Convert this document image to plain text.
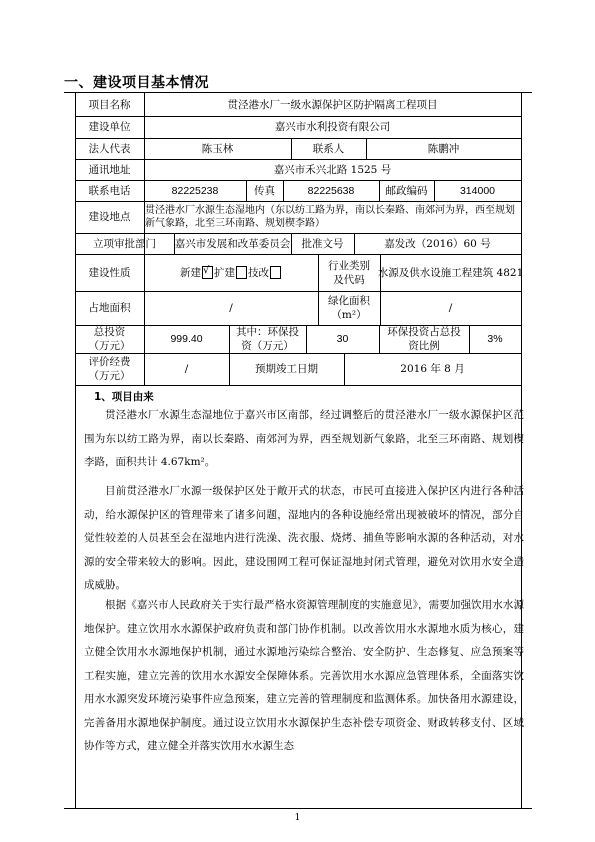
一、建设项目基本情况
项目名称	贯泾港水厂一级水源保护区防护隔离工程项目
建设单位	嘉兴市水利投资有限公司
法人代表	陈玉林	联系人	陈鹏冲
通讯地址	嘉兴市禾兴北路 1525 号
联系电话	82225238	传真	82225638	邮政编码	314000
建设地点
贯泾港水厂水源生态湿地内（东以纺工路为界，南以长秦路、南郊河为界，西至规划新气象路，北至三环南路、规划楔李路）
立项审批部门	嘉兴市发展和改革委员会	批准文号	嘉发改（2016）60 号
建设性质	新建
√ 扩建 技改
行业类别及代码
水源及供水设施工程建筑 4821
占地面积	/
绿化面积（m²）
/
总投资（万元）
999.40
其中：环保投资（万元）
30
环保投资占总投资比例
3%
评价经费（万元）
/	预期竣工日期	2016 年 8 月
1、项目由来
贯泾港水厂水源生态湿地位于嘉兴市区南部，经过调整后的贯泾港水厂一级水源保护区范围为东以纺工路为界，南以长秦路、南郊河为界，西至规划新气象路，北至三环南路、规划楔李路，面积共计 4.67km²。
目前贯泾港水厂水源一级保护区处于敞开式的状态，市民可直接进入保护区内进行各种活动，给水源保护区的管理带来了诸多问题，湿地内的各种设施经常出现被破坏的情况，部分自觉性较差的人员甚至会在湿地内进行洗澡、洗衣服、烧烤、捕鱼等影响水源的各种活动，对水源的安全带来较大的影响。因此，建设围网工程可保证湿地封闭式管理，避免对饮用水安全造成威胁。
根据《嘉兴市人民政府关于实行最严格水资源管理制度的实施意见》，需要加强饮用水水源地保护。建立饮用水水源保护政府负责和部门协作机制。以改善饮用水水源地水质为核心，建立健全饮用水水源地保护机制，通过水源地污染综合整治、安全防护、生态修复、应急预案等工程实施，建立完善的饮用水水源安全保障体系。完善饮用水水源应急管理体系，全面落实饮用水水源突发环境污染事件应急预案，建立完善的管理制度和监测体系。加快备用水源建设，完善备用水源地保护制度。通过设立饮用水水源保护生态补偿专项资金、财政转移支付、区域协作等方式，建立健全并落实饮用水水源生态
1
